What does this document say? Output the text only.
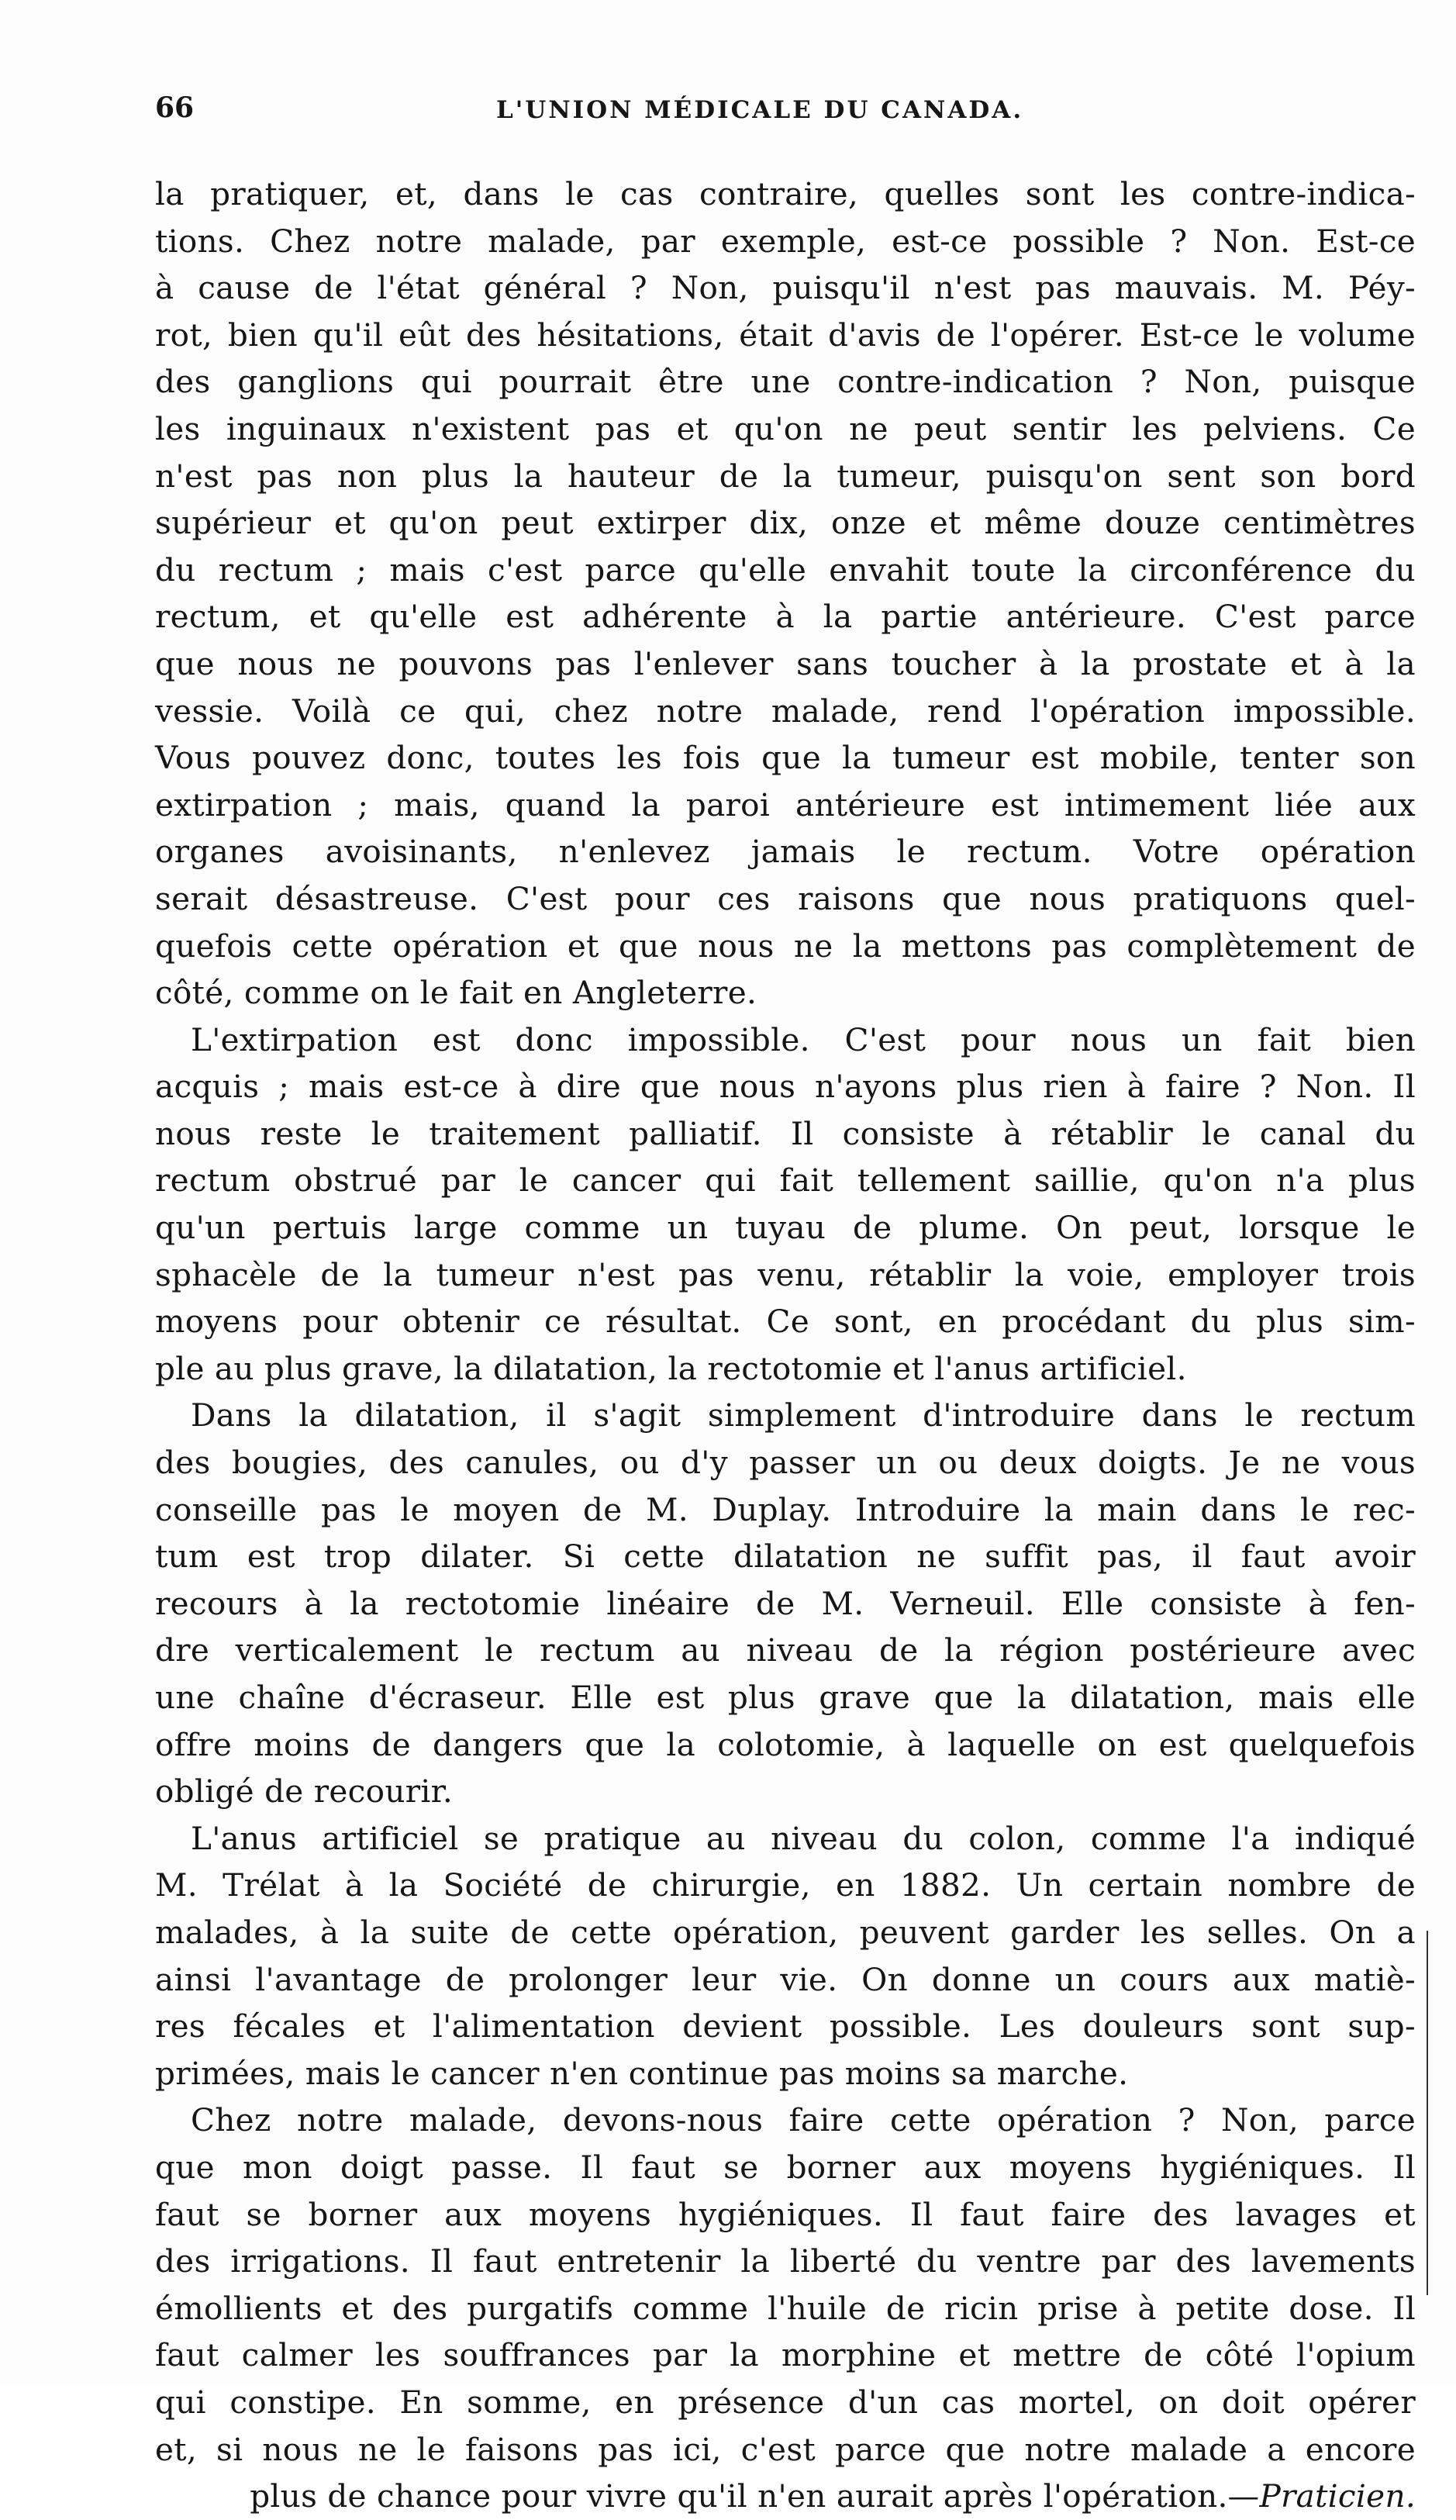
66	L'UNION MÉDICALE DU CANADA.
la pratiquer, et, dans le cas contraire, quelles sont les contre-indica-
tions. Chez notre malade, par exemple, est-ce possible ? Non. Est-ce
à cause de l'état général ? Non, puisqu'il n'est pas mauvais. M. Péy-
rot, bien qu'il eût des hésitations, était d'avis de l'opérer. Est-ce le volume
des ganglions qui pourrait être une contre-indication ? Non, puisque
les inguinaux n'existent pas et qu'on ne peut sentir les pelviens. Ce
n'est pas non plus la hauteur de la tumeur, puisqu'on sent son bord
supérieur et qu'on peut extirper dix, onze et même douze centimètres
du rectum ; mais c'est parce qu'elle envahit toute la circonférence du
rectum, et qu'elle est adhérente à la partie antérieure. C'est parce
que nous ne pouvons pas l'enlever sans toucher à la prostate et à la
vessie. Voilà ce qui, chez notre malade, rend l'opération impossible.
Vous pouvez donc, toutes les fois que la tumeur est mobile, tenter son
extirpation ; mais, quand la paroi antérieure est intimement liée aux
organes avoisinants, n'enlevez jamais le rectum. Votre opération
serait désastreuse. C'est pour ces raisons que nous pratiquons quel-
quefois cette opération et que nous ne la mettons pas complètement de
côté, comme on le fait en Angleterre.
L'extirpation est donc impossible. C'est pour nous un fait bien
acquis ; mais est-ce à dire que nous n'ayons plus rien à faire ? Non. Il
nous reste le traitement palliatif. Il consiste à rétablir le canal du
rectum obstrué par le cancer qui fait tellement saillie, qu'on n'a plus
qu'un pertuis large comme un tuyau de plume. On peut, lorsque le
sphacèle de la tumeur n'est pas venu, rétablir la voie, employer trois
moyens pour obtenir ce résultat. Ce sont, en procédant du plus sim-
ple au plus grave, la dilatation, la rectotomie et l'anus artificiel.
Dans la dilatation, il s'agit simplement d'introduire dans le rectum
des bougies, des canules, ou d'y passer un ou deux doigts. Je ne vous
conseille pas le moyen de M. Duplay. Introduire la main dans le rec-
tum est trop dilater. Si cette dilatation ne suffit pas, il faut avoir
recours à la rectotomie linéaire de M. Verneuil. Elle consiste à fen-
dre verticalement le rectum au niveau de la région postérieure avec
une chaîne d'écraseur. Elle est plus grave que la dilatation, mais elle
offre moins de dangers que la colotomie, à laquelle on est quelquefois
obligé de recourir.
L'anus artificiel se pratique au niveau du colon, comme l'a indiqué
M. Trélat à la Société de chirurgie, en 1882. Un certain nombre de
malades, à la suite de cette opération, peuvent garder les selles. On a
ainsi l'avantage de prolonger leur vie. On donne un cours aux matiè-
res fécales et l'alimentation devient possible. Les douleurs sont sup-
primées, mais le cancer n'en continue pas moins sa marche.
Chez notre malade, devons-nous faire cette opération ? Non, parce
que mon doigt passe. Il faut se borner aux moyens hygiéniques. Il
faut se borner aux moyens hygiéniques. Il faut faire des lavages et
des irrigations. Il faut entretenir la liberté du ventre par des lavements
émollients et des purgatifs comme l'huile de ricin prise à petite dose. Il
faut calmer les souffrances par la morphine et mettre de côté l'opium
qui constipe. En somme, en présence d'un cas mortel, on doit opérer
et, si nous ne le faisons pas ici, c'est parce que notre malade a encore
plus de chance pour vivre qu'il n'en aurait après l'opération.—Praticien.
